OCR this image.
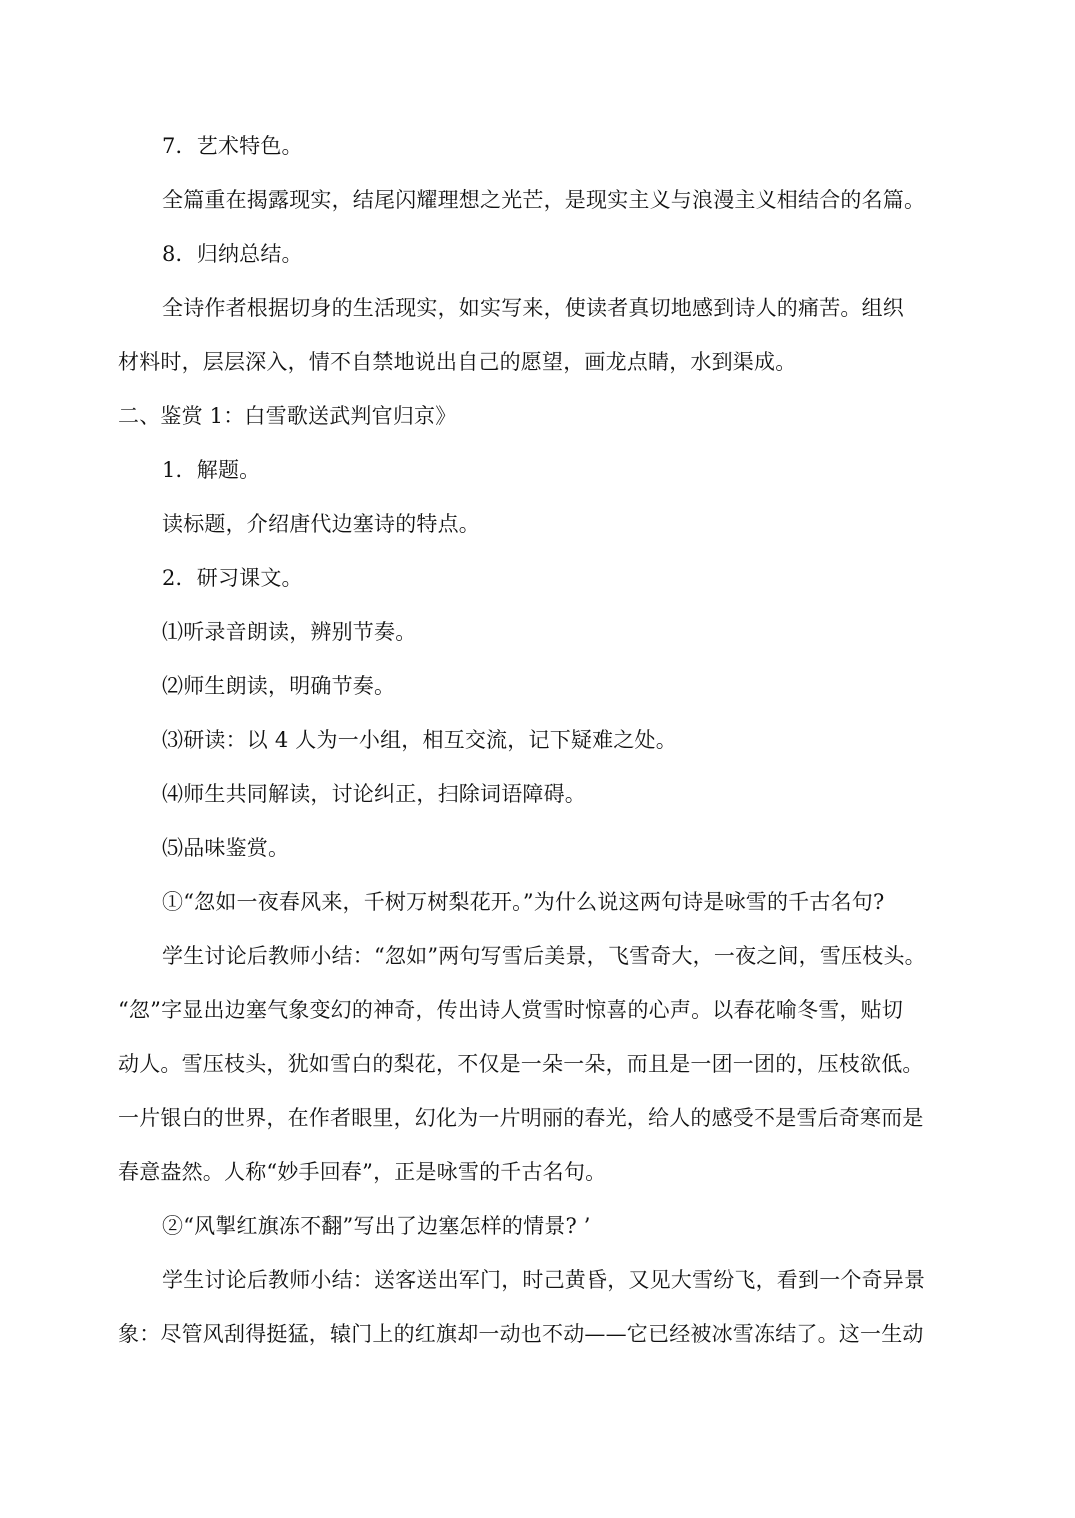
7．艺术特色。
全篇重在揭露现实，结尾闪耀理想之光芒，是现实主义与浪漫主义相结合的名篇。
8．归纳总结。
全诗作者根据切身的生活现实，如实写来，使读者真切地感到诗人的痛苦。组织
材料时，层层深入，情不自禁地说出自己的愿望，画龙点睛，水到渠成。
二、鉴赏 1：白雪歌送武判官归京》
1．解题。
读标题，介绍唐代边塞诗的特点。
2．研习课文。
⑴听录音朗读，辨别节奏。
⑵师生朗读，明确节奏。
⑶研读：以 4 人为一小组，相互交流，记下疑难之处。
⑷师生共同解读，讨论纠正，扫除词语障碍。
⑸品味鉴赏。
①“忽如一夜春风来，千树万树梨花开。”为什么说这两句诗是咏雪的千古名句?
学生讨论后教师小结：“忽如”两句写雪后美景，飞雪奇大，一夜之间，雪压枝头。
“忽”字显出边塞气象变幻的神奇，传出诗人赏雪时惊喜的心声。以春花喻冬雪，贴切
动人。雪压枝头，犹如雪白的梨花，不仅是一朵一朵，而且是一团一团的，压枝欲低。
一片银白的世界，在作者眼里，幻化为一片明丽的春光，给人的感受不是雪后奇寒而是
春意盎然。人称“妙手回春”，正是咏雪的千古名句。
②“风掣红旗冻不翻”写出了边塞怎样的情景? ’
学生讨论后教师小结：送客送出军门，时己黄昏，又见大雪纷飞，看到一个奇异景
象：尽管风刮得挺猛，辕门上的红旗却一动也不动——它已经被冰雪冻结了。这一生动
